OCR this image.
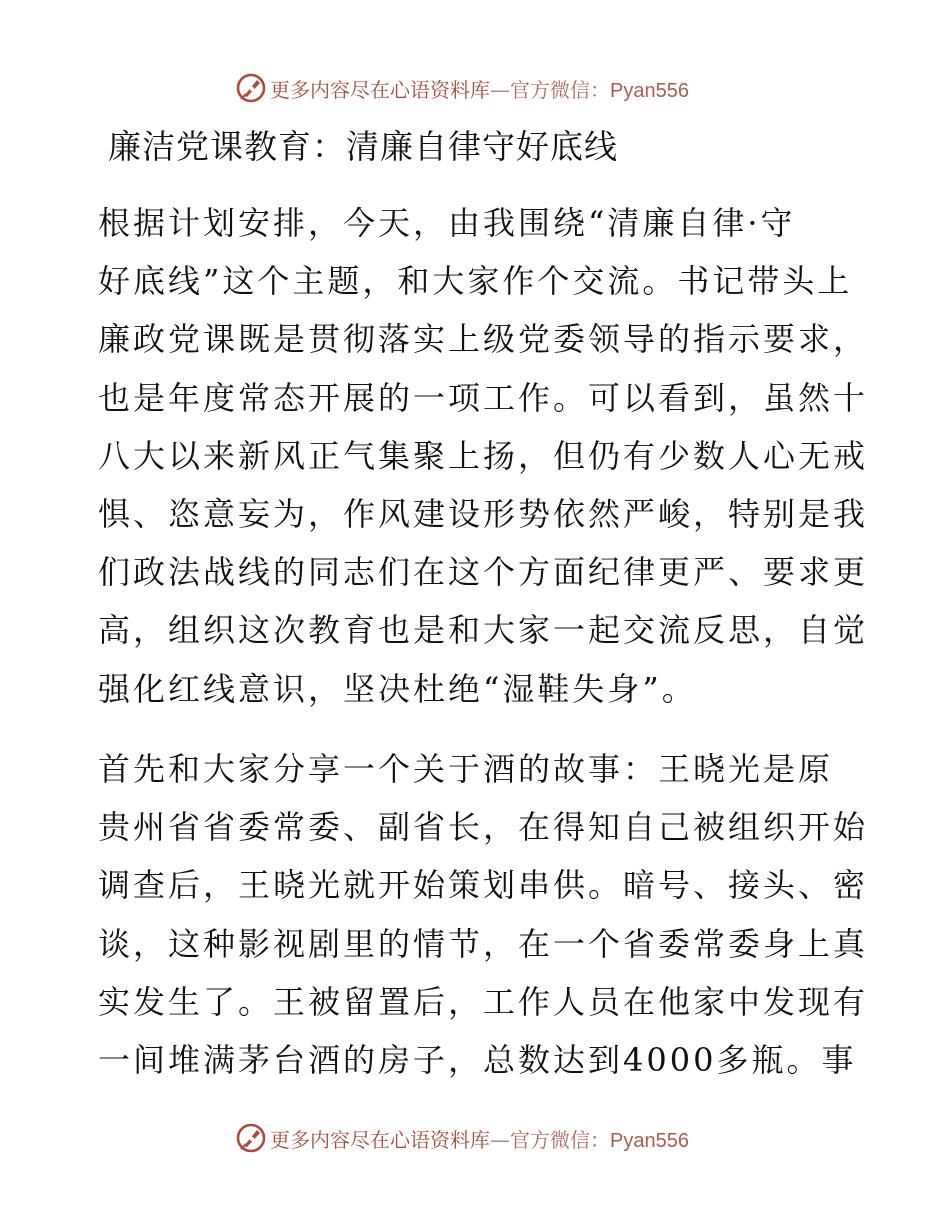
更多内容尽在心语资料库—官方微信：Pyan556
廉洁党课教育：清廉自律守好底线

根据计划安排，今天，由我围绕“清廉自律·守
好底线”这个主题，和大家作个交流。书记带头上
廉政党课既是贯彻落实上级党委领导的指示要求，
也是年度常态开展的一项工作。可以看到，虽然十
八大以来新风正气集聚上扬，但仍有少数人心无戒
惧、恣意妄为，作风建设形势依然严峻，特别是我
们政法战线的同志们在这个方面纪律更严、要求更
高，组织这次教育也是和大家一起交流反思，自觉
强化红线意识，坚决杜绝“湿鞋失身”。

首先和大家分享一个关于酒的故事：王晓光是原
贵州省省委常委、副省长，在得知自己被组织开始
调查后，王晓光就开始策划串供。暗号、接头、密
谈，这种影视剧里的情节，在一个省委常委身上真
实发生了。王被留置后，工作人员在他家中发现有
一间堆满茅台酒的房子，总数达到4000多瓶。事

更多内容尽在心语资料库—官方微信：Pyan556
